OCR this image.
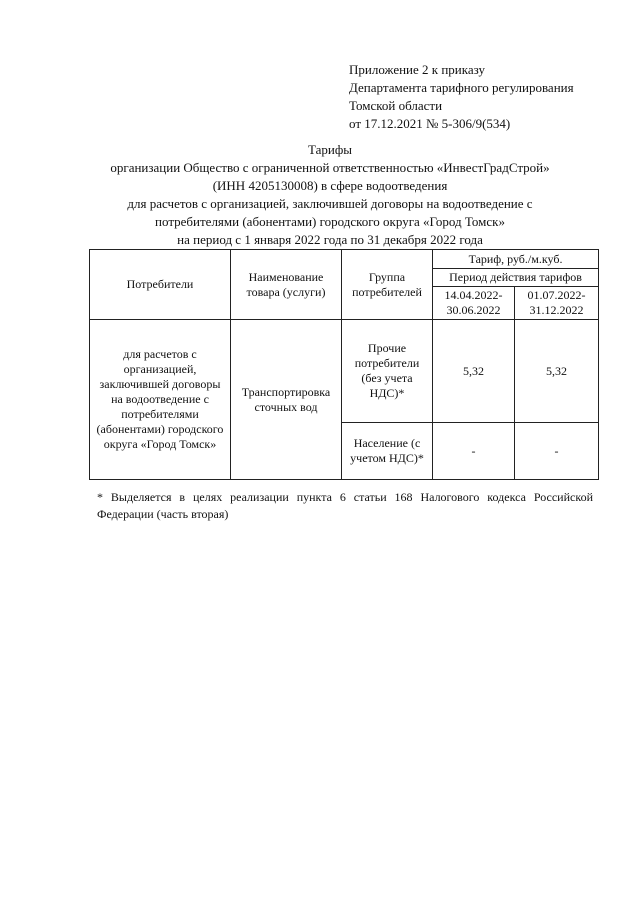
Приложение 2 к приказу
Департамента тарифного регулирования
Томской области
от 17.12.2021 № 5-306/9(534)
Тарифы
организации Общество с ограниченной ответственностью «ИнвестГрадСтрой»
(ИНН 4205130008) в сфере водоотведения
для расчетов с организацией, заключившей договоры на водоотведение с
потребителями (абонентами) городского округа «Город Томск»
на период с 1 января 2022 года по 31 декабря 2022 года
Потребители	Наименование товара (услуги)	Группа потребителей	Тариф, руб./м.куб.	
			Период действия тарифов	
			14.04.2022-30.06.2022	01.07.2022-31.12.2022
для расчетов с организацией, заключившей договоры на водоотведение с потребителями (абонентами) городского округа «Город Томск»	Транспортировка сточных вод	Прочие потребители (без учета НДС)*	5,32	5,32
		Население (с учетом НДС)*	-	-
* Выделяется в целях реализации пункта 6 статьи 168 Налогового кодекса Российской Федерации (часть вторая)
